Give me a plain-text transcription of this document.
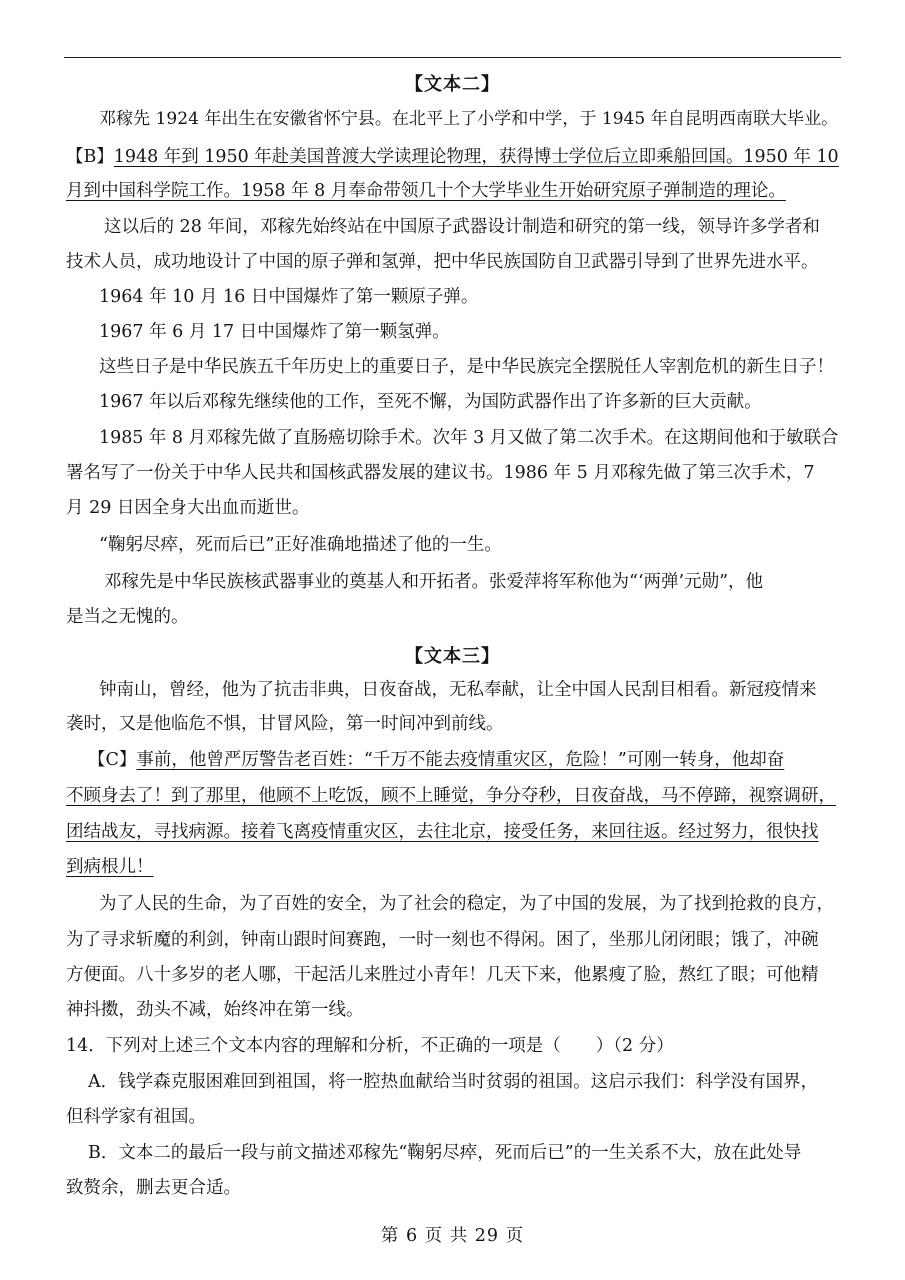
【文本二】
邓稼先 1924 年出生在安徽省怀宁县。在北平上了小学和中学，于 1945 年自昆明西南联大毕业。
【B】1948 年到 1950 年赴美国普渡大学读理论物理，获得博士学位后立即乘船回国。1950 年 10
月到中国科学院工作。1958 年 8 月奉命带领几十个大学毕业生开始研究原子弹制造的理论。
这以后的 28 年间，邓稼先始终站在中国原子武器设计制造和研究的第一线，领导许多学者和
技术人员，成功地设计了中国的原子弹和氢弹，把中华民族国防自卫武器引导到了世界先进水平。
1964 年 10 月 16 日中国爆炸了第一颗原子弹。
1967 年 6 月 17 日中国爆炸了第一颗氢弹。
这些日子是中华民族五千年历史上的重要日子，是中华民族完全摆脱任人宰割危机的新生日子！
1967 年以后邓稼先继续他的工作，至死不懈，为国防武器作出了许多新的巨大贡献。
1985 年 8 月邓稼先做了直肠癌切除手术。次年 3 月又做了第二次手术。在这期间他和于敏联合
署名写了一份关于中华人民共和国核武器发展的建议书。1986 年 5 月邓稼先做了第三次手术，7
月 29 日因全身大出血而逝世。
“鞠躬尽瘁，死而后已”正好准确地描述了他的一生。
邓稼先是中华民族核武器事业的奠基人和开拓者。张爱萍将军称他为“‘两弹’元勋”，他
是当之无愧的。
【文本三】
钟南山，曾经，他为了抗击非典，日夜奋战，无私奉献，让全中国人民刮目相看。新冠疫情来
袭时，又是他临危不惧，甘冒风险，第一时间冲到前线。
【C】事前，他曾严厉警告老百姓：“千万不能去疫情重灾区，危险！”可刚一转身，他却奋
不顾身去了！到了那里，他顾不上吃饭，顾不上睡觉，争分夺秒，日夜奋战，马不停蹄，视察调研，
团结战友，寻找病源。接着飞离疫情重灾区，去往北京，接受任务，来回往返。经过努力，很快找
到病根儿！
为了人民的生命，为了百姓的安全，为了社会的稳定，为了中国的发展，为了找到抢救的良方，
为了寻求斩魔的利剑，钟南山跟时间赛跑，一时一刻也不得闲。困了，坐那儿闭闭眼；饿了，冲碗
方便面。八十多岁的老人哪，干起活儿来胜过小青年！几天下来，他累瘦了脸，熬红了眼；可他精
神抖擞，劲头不减，始终冲在第一线。
14．下列对上述三个文本内容的理解和分析，不正确的一项是（　　）（2 分）
A．钱学森克服困难回到祖国，将一腔热血献给当时贫弱的祖国。这启示我们：科学没有国界，
但科学家有祖国。
B．文本二的最后一段与前文描述邓稼先“鞠躬尽瘁，死而后已”的一生关系不大，放在此处导
致赘余，删去更合适。
第 6 页 共 29 页
